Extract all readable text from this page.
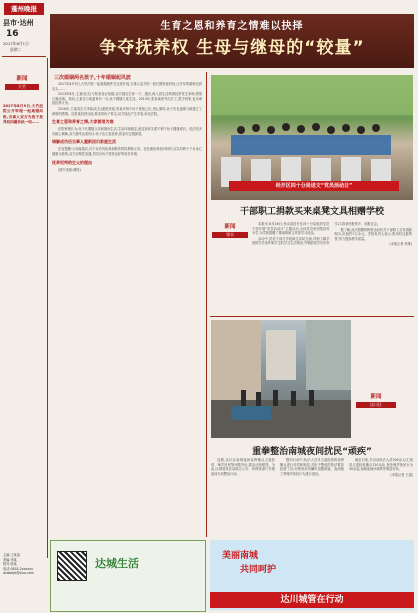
蓬州晚报
县市·达州
16
2017年8月1日
星期二
新闻
大竹
2017年8月9日,大竹法院公开审理一起离婚纠纷,当事人双方为孩子抚养权问题各执一词……
主编:王某某
美编:李某
校对:张某
电话:0818-2xxxxxx
dzwbbjb@sina.com
生育之恩和养育之情难以抉择
争夺抚养权 生母与继母的“较量”
三次婚姻两名孩子,十年婚姻起风波

2017年8月9日,大竹法院一起离婚案件在这里开庭,当事人双方的一段长期家庭纠纷,让多年的婚姻走到尽头……

2013年8月,王某(化名)与张某登记结婚,双方婚后生育一子。婚后,两人因生活琐事经常发生争吵,感情日渐淡薄。其间,王某还与前妻育有一女,孩子跟随王某生活。2014年,张某离家外出打工,很少回家,也未承担抚养义务。

2016年,王某再次与李某(化名)重组家庭,李某对两个孩子视如己出,悉心照料,孩子们也逐渐与她建立了深厚的感情。后张某回到当地,要求将孩子带走,双方因此产生矛盾,诉至法院。

生育之恩和养育之情,大家都很为难

法院审理认为,孩子长期随父亲和继母生活,生活环境稳定,改变抚养关系不利于孩子健康成长。经法官多次耐心调解,双方最终达成协议:孩子由王某抚养,张某可定期探望。

调解成功后当事人重新回归家庭生活

法官提醒:父母离婚后,对子女仍有抚养和教育的权利和义务。在处理抚养权纠纷时,应以有利于子女身心健康为原则,双方应理性沟通,共同为孩子营造良好的成长环境。

抚养权判给生父的理由

(图片来源:网络)

经开区四十分局送文“党员活动日”
干部职工捐款买来桌凳文具相赠学校
新闻
邻水

本报讯 8月26日,邻水县经开区四十分局组织党员干部开展“党员活动日”主题活动,全体党员来到帮扶村小学,为学校捐赠了课桌椅和文具等学习用品。

活动中,党员干部与学校师生亲切交流,详细了解学校的办学条件和学生的学习生活情况,并勉励同学们好好学习,将来回报家乡、回报社会。

据了解,此次捐赠的物资由局机关干部职工自发捐款购买,价值约1万余元。学校负责人表示,将用好这批物资,努力提高教学质量。

(本报记者 李维)

新闻
达川区
重拳整治南城夜间扰民“顽疾”

近期,达川区南城夜间烧烤摊点占道经营、噪声扰民等问题突出,群众反映强烈。为此,区城管执法局联合公安、环保等部门开展夜间专项整治行动。

整治行动中,执法人员对占道经营的烧烤摊点进行劝导和规范,对拒不整改的依法暂扣经营工具;对使用高音喇叭招揽顾客、夜间施工等噪声扰民行为进行查处。

截至目前,共出动执法人员300余人次,规范占道经营摊点120余处,查处噪声扰民行为40余起,南城夜间环境秩序明显好转。

(本报记者 王超)

达城生活
美丽南城
共同呵护
达川城管在行动
